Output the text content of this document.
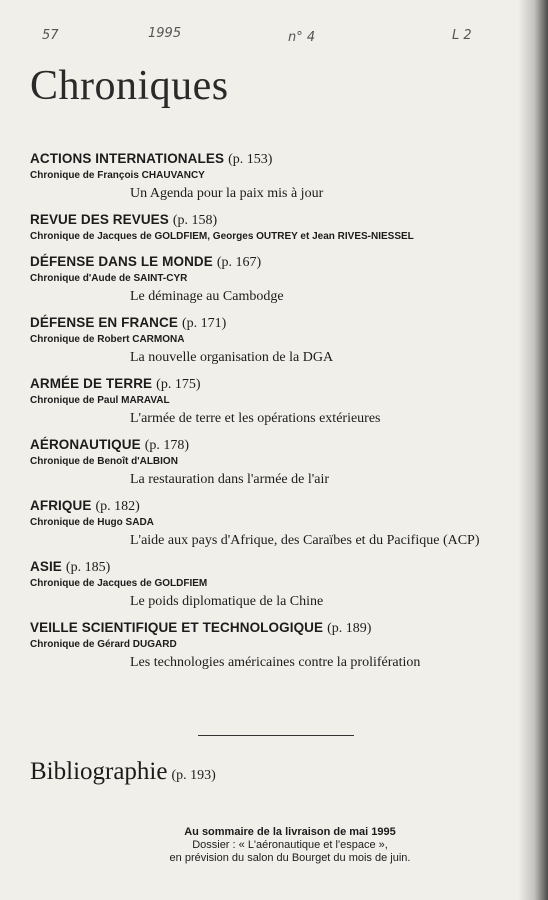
57	1995	n° 4	L 2
Chroniques
ACTIONS INTERNATIONALES (p. 153)
Chronique de François CHAUVANCY
Un Agenda pour la paix mis à jour
REVUE DES REVUES (p. 158)
Chronique de Jacques de GOLDFIEM, Georges OUTREY et Jean RIVES-NIESSEL
DÉFENSE DANS LE MONDE (p. 167)
Chronique d'Aude de SAINT-CYR
Le déminage au Cambodge
DÉFENSE EN FRANCE (p. 171)
Chronique de Robert CARMONA
La nouvelle organisation de la DGA
ARMÉE DE TERRE (p. 175)
Chronique de Paul MARAVAL
L'armée de terre et les opérations extérieures
AÉRONAUTIQUE (p. 178)
Chronique de Benoît d'ALBION
La restauration dans l'armée de l'air
AFRIQUE (p. 182)
Chronique de Hugo SADA
L'aide aux pays d'Afrique, des Caraïbes et du Pacifique (ACP)
ASIE (p. 185)
Chronique de Jacques de GOLDFIEM
Le poids diplomatique de la Chine
VEILLE SCIENTIFIQUE ET TECHNOLOGIQUE (p. 189)
Chronique de Gérard DUGARD
Les technologies américaines contre la prolifération
Bibliographie (p. 193)
Au sommaire de la livraison de mai 1995
Dossier : « L'aéronautique et l'espace »,
en prévision du salon du Bourget du mois de juin.
